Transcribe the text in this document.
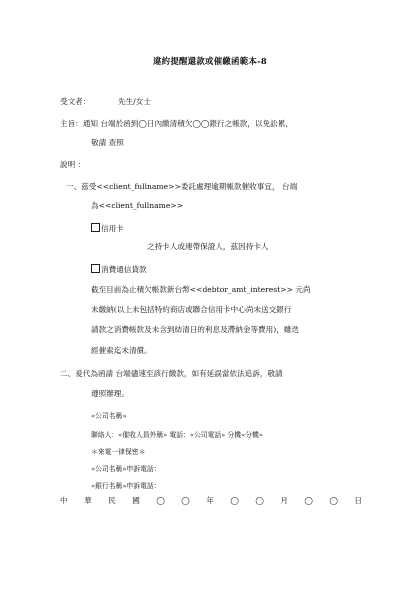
違約提醒還款或催繳函範本-8
受文者：	先生/女士
主旨：通知 台端於函到◯日內繳清積欠◯◯銀行之帳款，以免訟累，
敬請 查照
說明 ：
一、茲受<<client_fullname>>委託處理逾期帳款催收事宜， 台端
為<<client_fullname>>
信用卡
之持卡人或連帶保證人，茲因持卡人
消費通信貸款
截至目前為止積欠帳款新台幣<<debtor_amt_interest>> 元尚
未繳納(以上未包括特約商店或聯合信用卡中心尚未送交銀行
請款之消費帳款及未含到結清日的利息及滯納金等費用)，雖迭
經催索迄未清償。
二、爰代為函請 台端儘速至該行繳款，如有延誤當依法追訴，敬請
遵照辦理。
«公司名稱»
聯絡人：«催收人員外稱» 電話：«公司電話» 分機«分機»
＊來電一律保密＊
«公司名稱»申訴電話：
«銀行名稱»申訴電話：
中 華 民 國 ◯ ◯ 年 ◯ ◯ 月 ◯ ◯ 日
